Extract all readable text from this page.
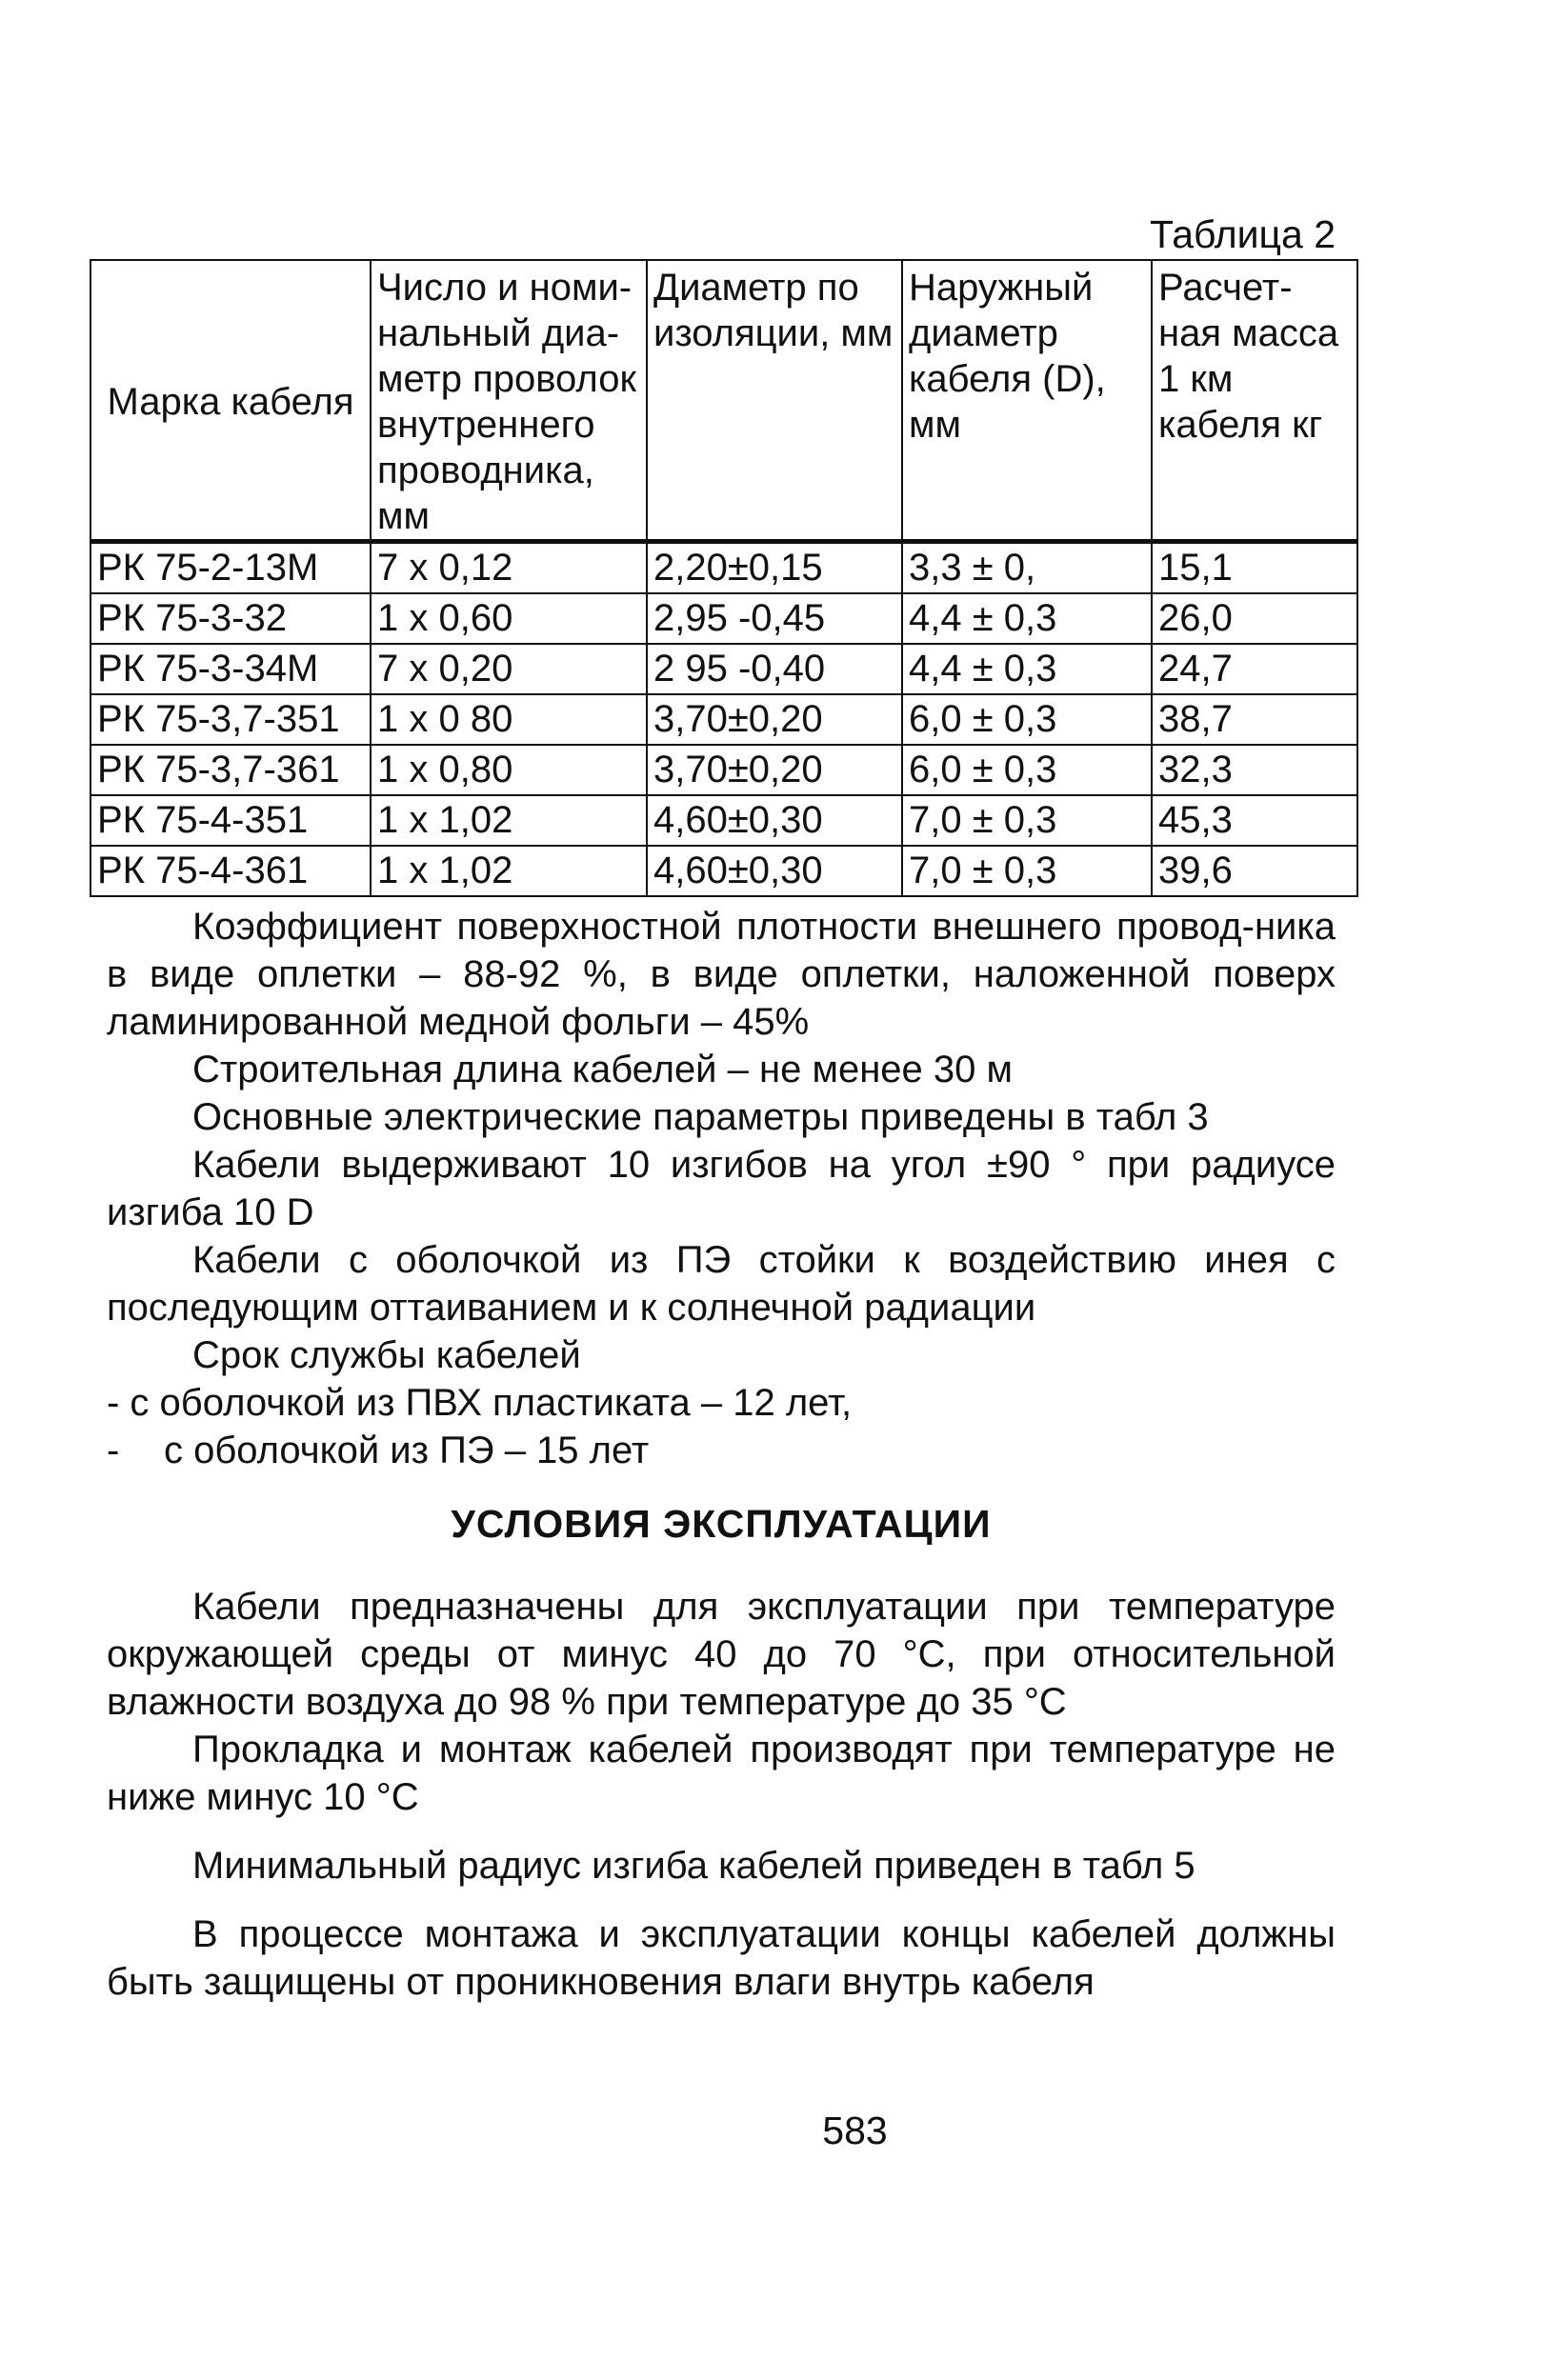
Таблица 2
Марка кабеля	Число и номи-нальный диа-метр проволок внутреннего проводника, мм	Диаметр по изоляции, мм	Наружный диаметр кабеля (D), мм	Расчет-ная масса 1 км кабеля кг
РК 75-2-13М	7 х 0,12	2,20±0,15	3,3 ± 0,	15,1
РК 75-3-32	1 х 0,60	2,95 -0,45	4,4 ± 0,3	26,0
РК 75-3-34М	7 х 0,20	2 95 -0,40	4,4 ± 0,3	24,7
РК 75-3,7-351	1 х 0 80	3,70±0,20	6,0 ± 0,3	38,7
РК 75-3,7-361	1 х 0,80	3,70±0,20	6,0 ± 0,3	32,3
РК 75-4-351	1 х 1,02	4,60±0,30	7,0 ± 0,3	45,3
РК 75-4-361	1 х 1,02	4,60±0,30	7,0 ± 0,3	39,6

Коэффициент поверхностной плотности внешнего провод-ника в виде оплетки – 88-92 %, в виде оплетки, наложенной поверх ламинированной медной фольги – 45%

Строительная длина кабелей – не менее 30 м

Основные электрические параметры приведены в табл 3

Кабели выдерживают 10 изгибов на угол ±90 ° при радиусе изгиба 10 D

Кабели с оболочкой из ПЭ стойки к воздействию инея с последующим оттаиванием и к солнечной радиации

Срок службы кабелей

- с оболочкой из ПВХ пластиката – 12 лет,

- с оболочкой из ПЭ – 15 лет

УСЛОВИЯ ЭКСПЛУАТАЦИИ

Кабели предназначены для эксплуатации при температуре окружающей среды от минус 40 до 70 °С, при относительной влажности воздуха до 98 % при температуре до 35 °С

Прокладка и монтаж кабелей производят при температуре не ниже минус 10 °С

Минимальный радиус изгиба кабелей приведен в табл 5

В процессе монтажа и эксплуатации концы кабелей должны быть защищены от проникновения влаги внутрь кабеля

583
